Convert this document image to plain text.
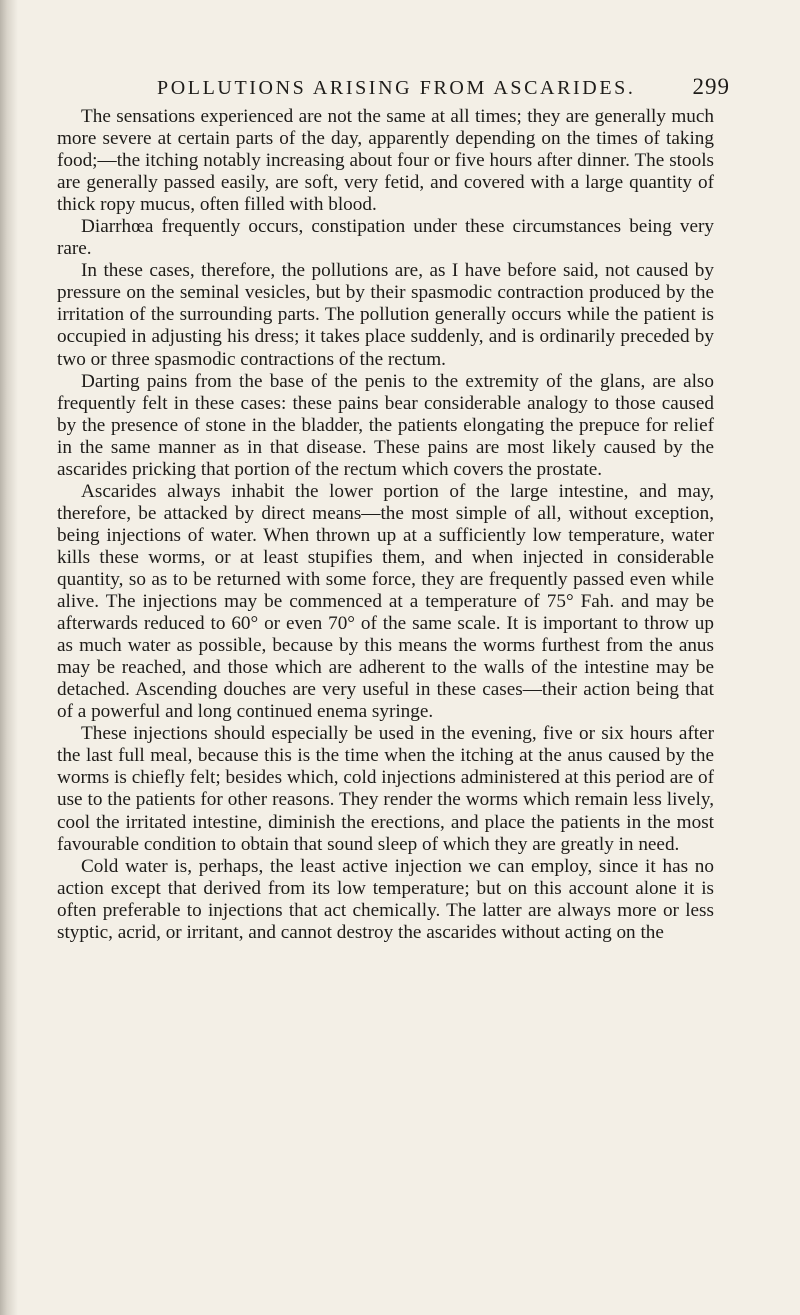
POLLUTIONS ARISING FROM ASCARIDES.	299

The sensations experienced are not the same at all times; they are generally much more severe at certain parts of the day, apparently depending on the times of taking food;—the itching notably increasing about four or five hours after dinner. The stools are generally passed easily, are soft, very fetid, and covered with a large quantity of thick ropy mucus, often filled with blood.

Diarrhœa frequently occurs, constipation under these circumstances being very rare.

In these cases, therefore, the pollutions are, as I have before said, not caused by pressure on the seminal vesicles, but by their spasmodic contraction produced by the irritation of the surrounding parts. The pollution generally occurs while the patient is occupied in adjusting his dress; it takes place suddenly, and is ordinarily preceded by two or three spasmodic contractions of the rectum.

Darting pains from the base of the penis to the extremity of the glans, are also frequently felt in these cases: these pains bear considerable analogy to those caused by the presence of stone in the bladder, the patients elongating the prepuce for relief in the same manner as in that disease. These pains are most likely caused by the ascarides pricking that portion of the rectum which covers the prostate.

Ascarides always inhabit the lower portion of the large intestine, and may, therefore, be attacked by direct means—the most simple of all, without exception, being injections of water. When thrown up at a sufficiently low temperature, water kills these worms, or at least stupifies them, and when injected in considerable quantity, so as to be returned with some force, they are frequently passed even while alive. The injections may be commenced at a temperature of 75° Fah. and may be afterwards reduced to 60° or even 70° of the same scale. It is important to throw up as much water as possible, because by this means the worms furthest from the anus may be reached, and those which are adherent to the walls of the intestine may be detached. Ascending douches are very useful in these cases—their action being that of a powerful and long continued enema syringe.

These injections should especially be used in the evening, five or six hours after the last full meal, because this is the time when the itching at the anus caused by the worms is chiefly felt; besides which, cold injections administered at this period are of use to the patients for other reasons. They render the worms which remain less lively, cool the irritated intestine, diminish the erections, and place the patients in the most favourable condition to obtain that sound sleep of which they are greatly in need.

Cold water is, perhaps, the least active injection we can employ, since it has no action except that derived from its low temperature; but on this account alone it is often preferable to injections that act chemically. The latter are always more or less styptic, acrid, or irritant, and cannot destroy the ascarides without acting on the
